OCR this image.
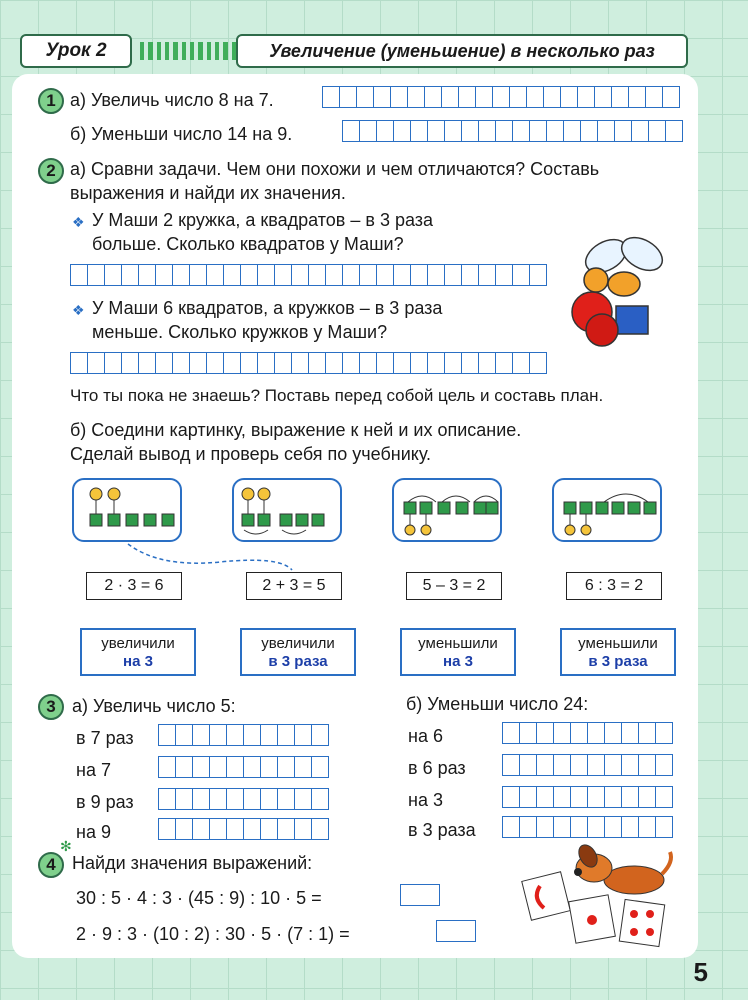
Урок 2	Увеличение (уменьшение) в несколько раз
1 а) Увеличь число 8 на 7.
б) Уменьши число 14 на 9.
2 а) Сравни задачи. Чем они похожи и чем отличаются? Составь
выражения и найди их значения.
❖ У Маши 2 кружка, а квадратов – в 3 раза
больше. Сколько квадратов у Маши?
❖ У Маши 6 квадратов, а кружков – в 3 раза
меньше. Сколько кружков у Маши?
Что ты пока не знаешь? Поставь перед собой цель и составь план.
б) Соедини картинку, выражение к ней и их описание.
Сделай вывод и проверь себя по учебнику.
2 · 3 = 6	2 + 3 = 5	5 – 3 = 2	6 : 3 = 2
увеличили
на 3
увеличили
в 3 раза
уменьшили
на 3
уменьшили
в 3 раза
3 а) Увеличь число 5:	б) Уменьши число 24:
в 7 раз
на 7
в 9 раз
на 9
на 6
в 6 раз
на 3
в 3 раза
✻
4 Найди значения выражений:
30 : 5 · 4 : 3 · (45 : 9) : 10 · 5 =
2 · 9 : 3 · (10 : 2) : 30 · 5 · (7 : 1) =
5
